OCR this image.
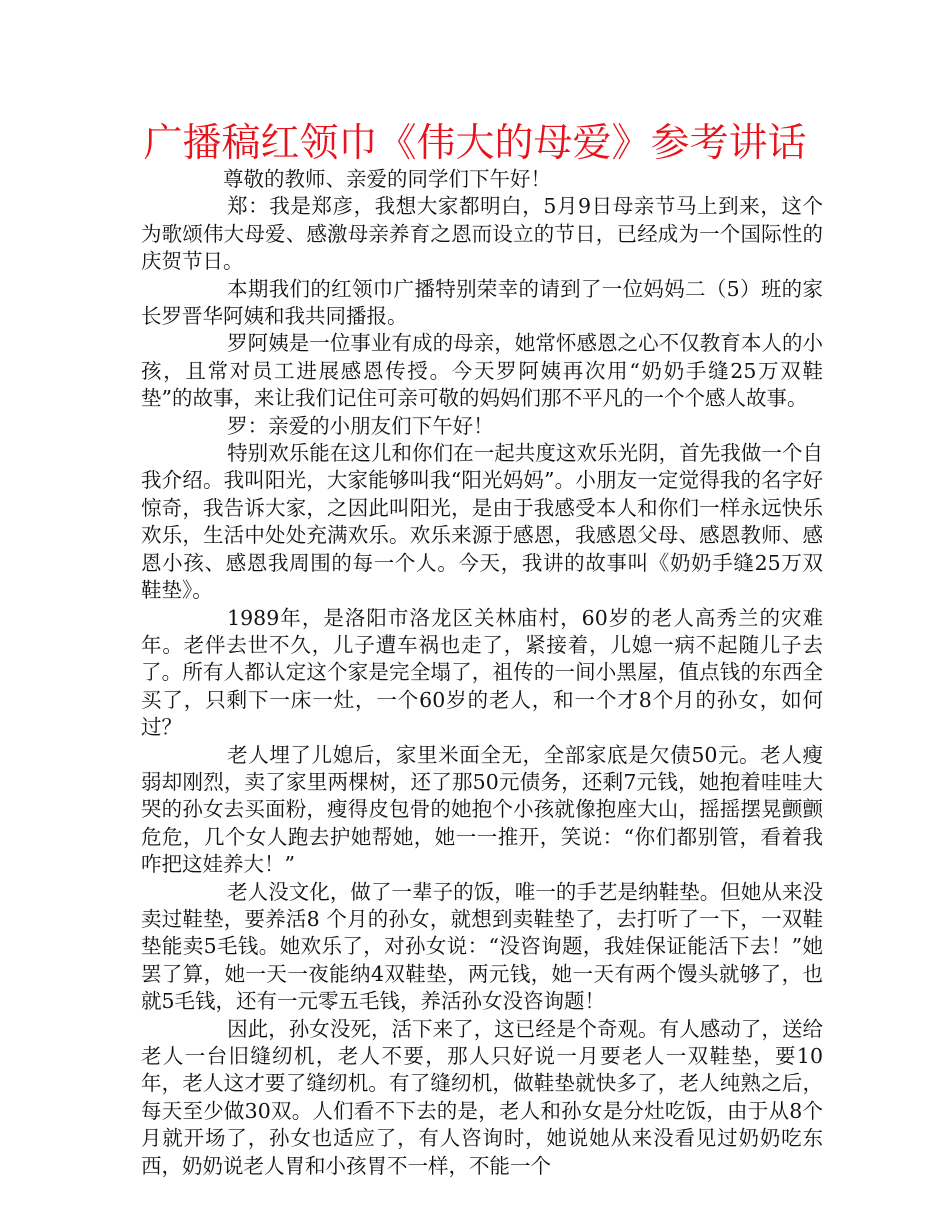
广播稿红领巾《伟大的母爱》参考讲话

尊敬的教师、亲爱的同学们下午好！

郑：我是郑彦，我想大家都明白，5月9日母亲节马上到来，这个为歌颂伟大母爱、感激母亲养育之恩而设立的节日，已经成为一个国际性的庆贺节日。

本期我们的红领巾广播特别荣幸的请到了一位妈妈二（5）班的家长罗晋华阿姨和我共同播报。

罗阿姨是一位事业有成的母亲，她常怀感恩之心不仅教育本人的小孩，且常对员工进展感恩传授。今天罗阿姨再次用“奶奶手缝25万双鞋垫”的故事，来让我们记住可亲可敬的妈妈们那不平凡的一个个感人故事。

罗：亲爱的小朋友们下午好！

特别欢乐能在这儿和你们在一起共度这欢乐光阴，首先我做一个自我介绍。我叫阳光，大家能够叫我“阳光妈妈”。小朋友一定觉得我的名字好惊奇，我告诉大家，之因此叫阳光，是由于我感受本人和你们一样永远快乐欢乐，生活中处处充满欢乐。欢乐来源于感恩，我感恩父母、感恩教师、感恩小孩、感恩我周围的每一个人。今天，我讲的故事叫《奶奶手缝25万双鞋垫》。

1989年，是洛阳市洛龙区关林庙村，60岁的老人高秀兰的灾难年。老伴去世不久，儿子遭车祸也走了，紧接着，儿媳一病不起随儿子去了。所有人都认定这个家是完全塌了，祖传的一间小黑屋，值点钱的东西全买了，只剩下一床一灶，一个60岁的老人，和一个才8个月的孙女，如何过？

老人埋了儿媳后，家里米面全无，全部家底是欠债50元。老人瘦弱却刚烈，卖了家里两棵树，还了那50元债务，还剩7元钱，她抱着哇哇大哭的孙女去买面粉，瘦得皮包骨的她抱个小孩就像抱座大山，摇摇摆晃颤颤危危，几个女人跑去护她帮她，她一一推开，笑说：“你们都别管，看着我咋把这娃养大！”

老人没文化，做了一辈子的饭，唯一的手艺是纳鞋垫。但她从来没卖过鞋垫，要养活8 个月的孙女，就想到卖鞋垫了，去打听了一下，一双鞋垫能卖5毛钱。她欢乐了，对孙女说：“没咨询题，我娃保证能活下去！”她罢了算，她一天一夜能纳4双鞋垫，两元钱，她一天有两个馒头就够了，也就5毛钱，还有一元零五毛钱，养活孙女没咨询题！

因此，孙女没死，活下来了，这已经是个奇观。有人感动了，送给老人一台旧缝纫机，老人不要，那人只好说一月要老人一双鞋垫，要10年，老人这才要了缝纫机。有了缝纫机，做鞋垫就快多了，老人纯熟之后，每天至少做30双。人们看不下去的是，老人和孙女是分灶吃饭，由于从8个月就开场了，孙女也适应了，有人咨询时，她说她从来没看见过奶奶吃东西，奶奶说老人胃和小孩胃不一样，不能一个
